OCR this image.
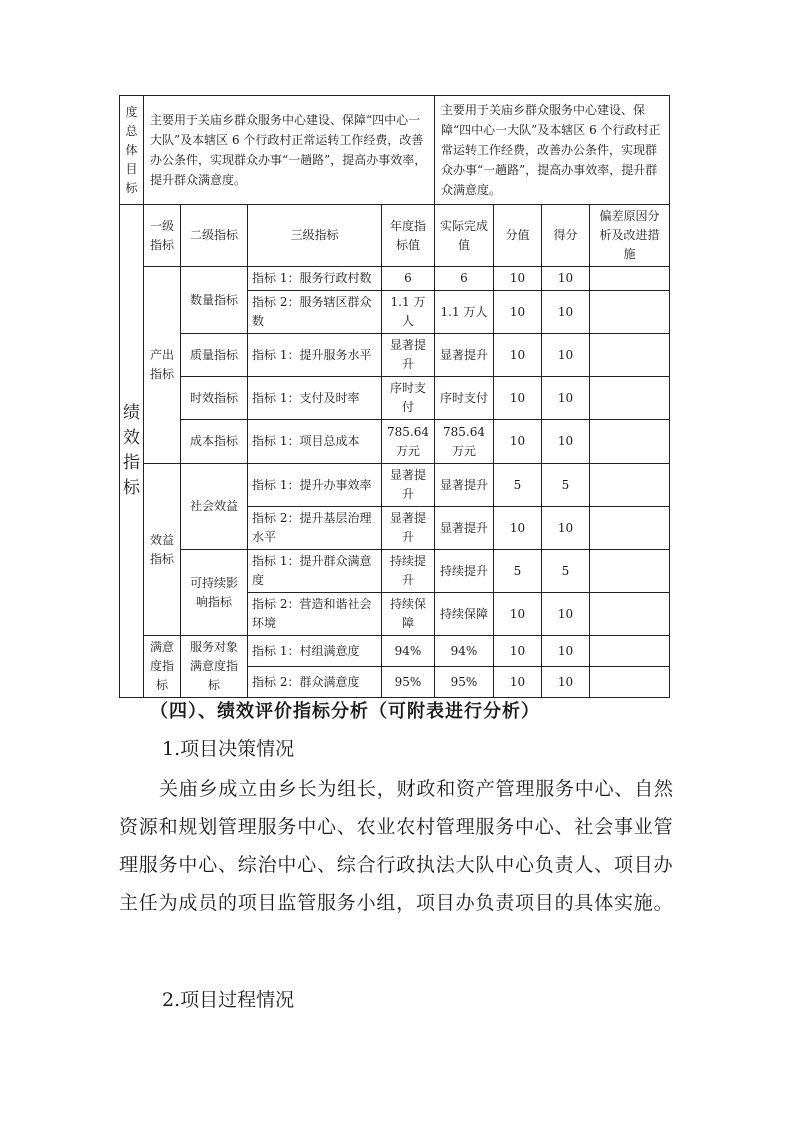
度
总
体
目
标	主要用于关庙乡群众服务中心建设、保障“四中心一大队”及本辖区 6 个行政村正常运转工作经费，改善办公条件，实现群众办事“一趟路”，提高办事效率，提升群众满意度。				主要用于关庙乡群众服务中心建设、保障“四中心一大队”及本辖区 6 个行政村正常运转工作经费，改善办公条件，实现群众办事“一趟路”，提高办事效率，提升群众满意度。			

绩
效
指
标	一级指标	二级指标	三级指标	年度指标值	实际完成值	分值	得分	偏差原因分析及改进措施
	产出指标	数量指标	指标 1：服务行政村数	6	6	10	10	
			指标 2：服务辖区群众数	1.1 万人	1.1 万人	10	10	
		质量指标	指标 1：提升服务水平	显著提升	显著提升	10	10	
		时效指标	指标 1：支付及时率	序时支付	序时支付	10	10	
		成本指标	指标 1：项目总成本	785.64 万元	785.64 万元	10	10	
	效益指标	社会效益	指标 1：提升办事效率	显著提升	显著提升	5	5	
			指标 2：提升基层治理水平	显著提升	显著提升	10	10	
		可持续影响指标	指标 1：提升群众满意度	持续提升	持续提升	5	5	
			指标 2：营造和谐社会环境	持续保障	持续保障	10	10	
	满意度指标	服务对象满意度指标	指标 1：村组满意度	94%	94%	10	10	
			指标 2：群众满意度	95%	95%	10	10	
（四）、绩效评价指标分析（可附表进行分析）
1.项目决策情况
关庙乡成立由乡长为组长，财政和资产管理服务中心、自然资源和规划管理服务中心、农业农村管理服务中心、社会事业管理服务中心、综治中心、综合行政执法大队中心负责人、项目办主任为成员的项目监管服务小组，项目办负责项目的具体实施。
2.项目过程情况
